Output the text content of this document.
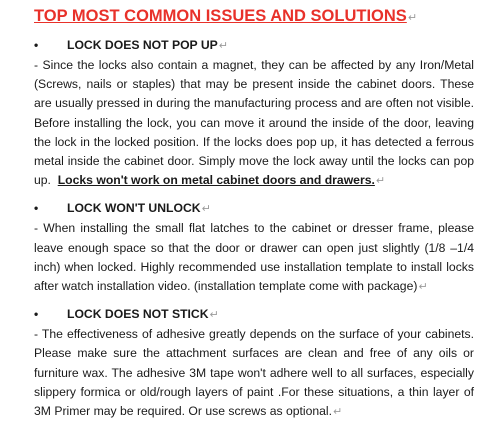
TOP MOST COMMON ISSUES AND SOLUTIONS↵
• LOCK DOES NOT POP UP↵

- Since the locks also contain a magnet, they can be affected by any Iron/Metal (Screws, nails or staples) that may be present inside the cabinet doors. These are usually pressed in during the manufacturing process and are often not visible. Before installing the lock, you can move it around the inside of the door, leaving the lock in the locked position. If the locks does pop up, it has detected a ferrous metal inside the cabinet door. Simply move the lock away until the locks can pop up. Locks won't work on metal cabinet doors and drawers.↵

• LOCK WON'T UNLOCK↵

- When installing the small flat latches to the cabinet or dresser frame, please leave enough space so that the door or drawer can open just slightly (1/8 –1/4 inch) when locked. Highly recommended use installation template to install locks after watch installation video. (installation template come with package)↵

• LOCK DOES NOT STICK↵

- The effectiveness of adhesive greatly depends on the surface of your cabinets. Please make sure the attachment surfaces are clean and free of any oils or furniture wax. The adhesive 3M tape won't adhere well to all surfaces, especially slippery formica or old/rough layers of paint .For these situations, a thin layer of 3M Primer may be required. Or use screws as optional.↵
